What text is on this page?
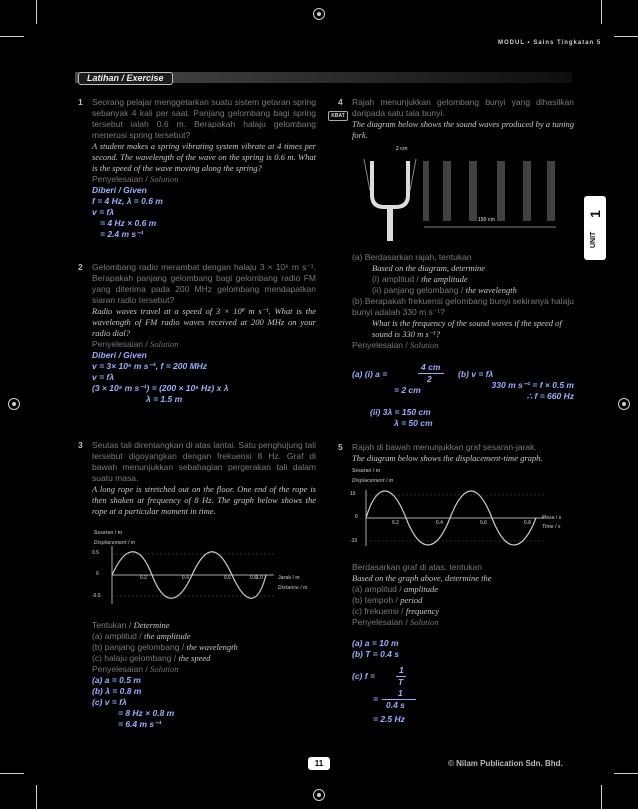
MODUL • Sains Tingkatan 5
Latihan / Exercise
UNIT
1
1 Seorang pelajar menggetarkan suatu sistem getaran spring sebanyak 4 kali per saat. Panjang gelombang bagi spring tersebut ialah 0.6 m. Berapakah halaju gelombang menerusi spring tersebut?
A student makes a spring vibrating system vibrate at 4 times per second. The wavelength of the wave on the spring is 0.6 m. What is the speed of the wave moving along the spring?
Penyelesaian / Solution
Diberi / Given
f = 4 Hz, λ = 0.6 m
v = fλ
= 4 Hz × 0.6 m
= 2.4 m s⁻¹
2 Gelombang radio merambat dengan halaju 3 × 10⁸ m s⁻¹. Berapakah panjang gelombang bagi gelombang radio FM yang diterima pada 200 MHz gelombang mendapatkan siaran radio tersebut?
Radio waves travel at a speed of 3 × 10⁸ m s⁻¹. What is the wavelength of FM radio waves received at 200 MHz on your radio dial?
Penyelesaian / Solution
Diberi / Given
v = 3× 10⁸ m s⁻¹, f = 200 MHz
v = fλ
(3 × 10⁸ m s⁻¹) = (200 × 10⁶ Hz) x λ
λ = 1.5 m
3 Seutas tali direntangkan di atas lantai. Satu penghujung tali tersebut digoyangkan dengan frekuensi 8 Hz. Graf di bawah menunjukkan sebahagian pergerakan tali dalam suatu masa.
A long rope is stretched out on the floor. One end of the rope is then shaken at frequency of 8 Hz. The graph below shows the rope at a particular moment in time.
Sesaran / m
Displacement / m
0.5
0
-0.5
0.2	0.4	0.6	0.8 1.0	Jarak / m
Distance / m
Tentukan / Determine
(a) amplitud / the amplitude
(b) panjang gelombang / the wavelength
(c) halaju gelombang / the speed
Penyelesaian / Solution
(a) a = 0.5 m
(b) λ = 0.8 m
(c) v = fλ
= 8 Hz × 0.8 m
= 6.4 m s⁻¹
4
KBAT
Rajah menunjukkan gelombang bunyi yang dihasilkan daripada satu tala bunyi.
The diagram below shows the sound waves produced by a tuning fork.
2 cm
150 cm
(a) Berdasarkan rajah, tentukan
Based on the diagram, determine
(i) amplitud / the amplitude
(ii) panjang gelombang / the wavelength
(b) Berapakah frekuensi gelombang bunyi sekiranya halaju bunyi adalah 330 m s⁻¹?
What is the frequency of the sound waves if the speed of sound is 330 m s⁻¹?
Penyelesaian / Solution
(a) (i) a =
4 cm
2
= 2 cm
(ii) 3λ = 150 cm
λ = 50 cm
(b) v = fλ
330 m s⁻¹ = f × 0.5 m
∴ f = 660 Hz
5 Rajah di bawah menunjukkan graf sesaran-jarak.
The diagram below shows the displacement-time graph.
Sesaran / m
Displacement / m
10
0
-10
0.2	0.4	0.6	0.8
Masa / s
Time / s
Berdasarkan graf di atas, tentukan
Based on the graph above, determine the
(a) amplitud / amplitude
(b) tempoh / period
(c) frekuensi / frequency
Penyelesaian / Solution
(a) a = 10 m
(b) T = 0.4 s
(c) f =
1
T
=
1
0.4 s
= 2.5 Hz
11	© Nilam Publication Sdn. Bhd.
